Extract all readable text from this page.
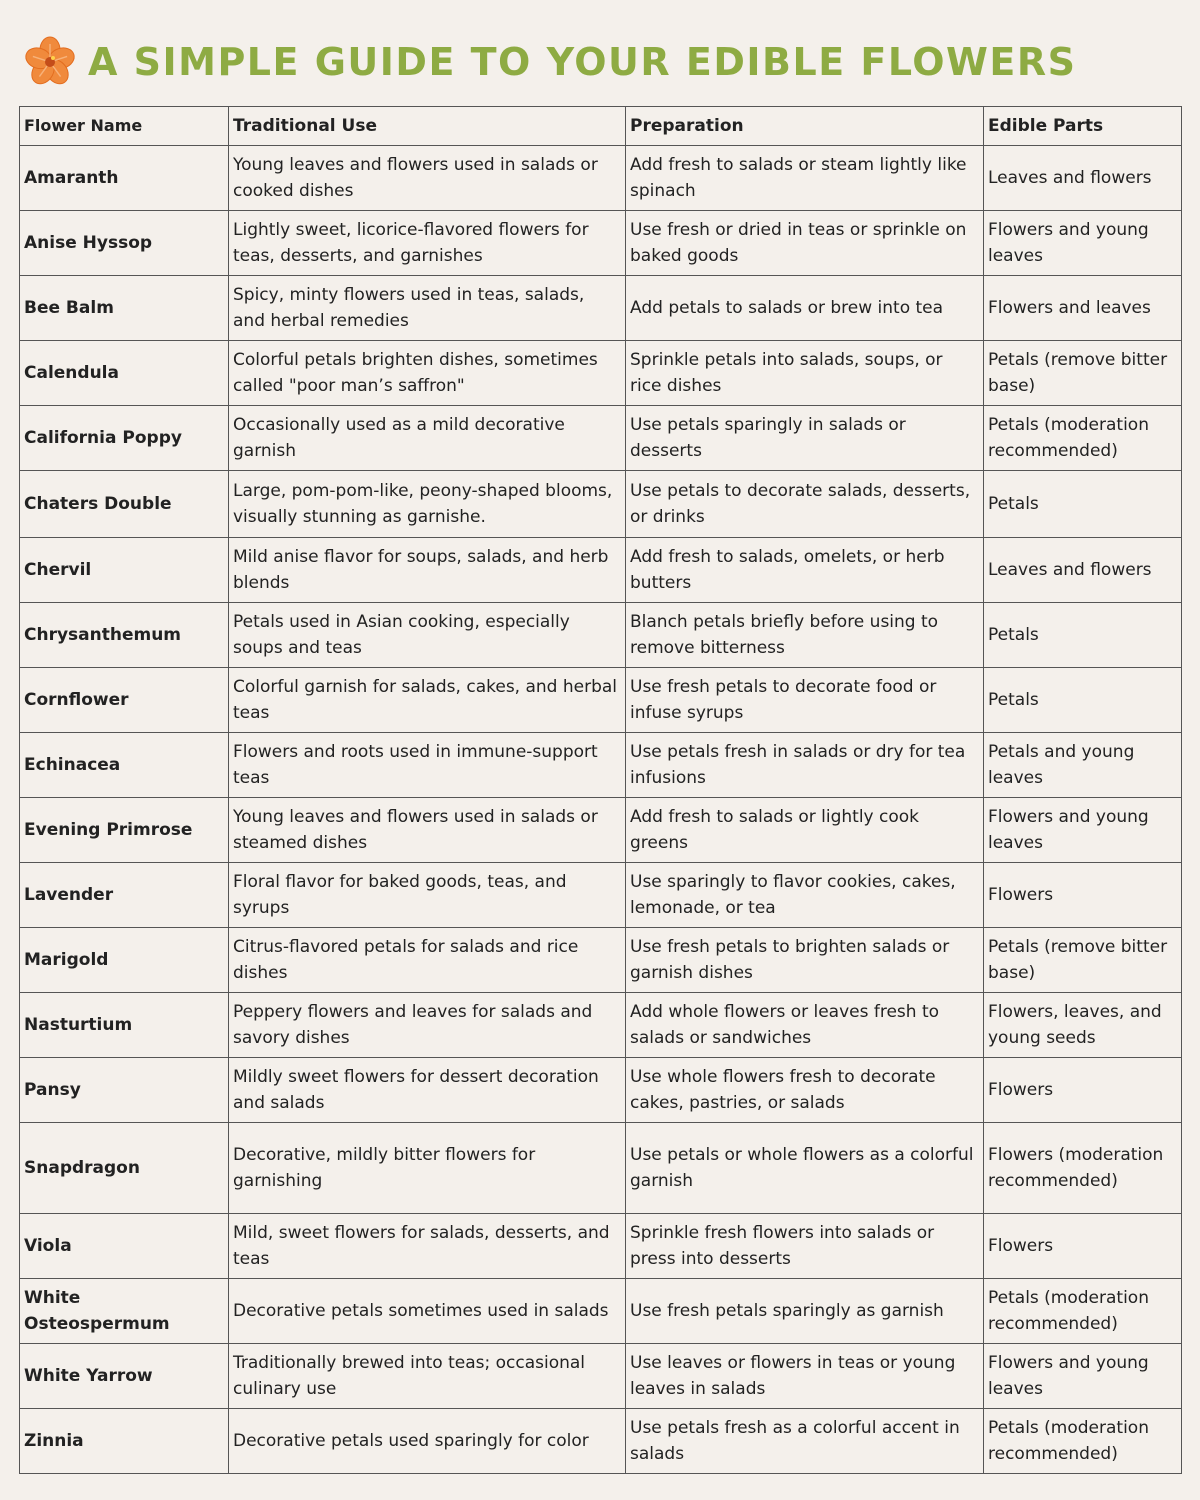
A SIMPLE GUIDE TO YOUR EDIBLE FLOWERS
Flower Name	Traditional Use	Preparation	Edible Parts
Amaranth	Young leaves and flowers used in salads or cooked dishes	Add fresh to salads or steam lightly like spinach	Leaves and flowers
Anise Hyssop	Lightly sweet, licorice-flavored flowers for teas, desserts, and garnishes	Use fresh or dried in teas or sprinkle on baked goods	Flowers and young leaves
Bee Balm	Spicy, minty flowers used in teas, salads, and herbal remedies	Add petals to salads or brew into tea	Flowers and leaves
Calendula	Colorful petals brighten dishes, sometimes called "poor man’s saffron"	Sprinkle petals into salads, soups, or rice dishes	Petals (remove bitter base)
California Poppy	Occasionally used as a mild decorative garnish	Use petals sparingly in salads or desserts	Petals (moderation recommended)
Chaters Double	Large, pom-pom-like, peony-shaped blooms, visually stunning as garnishe.	Use petals to decorate salads, desserts, or drinks	Petals
Chervil	Mild anise flavor for soups, salads, and herb blends	Add fresh to salads, omelets, or herb butters	Leaves and flowers
Chrysanthemum	Petals used in Asian cooking, especially soups and teas	Blanch petals briefly before using to remove bitterness	Petals
Cornflower	Colorful garnish for salads, cakes, and herbal teas	Use fresh petals to decorate food or infuse syrups	Petals
Echinacea	Flowers and roots used in immune-support teas	Use petals fresh in salads or dry for tea infusions	Petals and young leaves
Evening Primrose	Young leaves and flowers used in salads or steamed dishes	Add fresh to salads or lightly cook greens	Flowers and young leaves
Lavender	Floral flavor for baked goods, teas, and syrups	Use sparingly to flavor cookies, cakes, lemonade, or tea	Flowers
Marigold	Citrus-flavored petals for salads and rice dishes	Use fresh petals to brighten salads or garnish dishes	Petals (remove bitter base)
Nasturtium	Peppery flowers and leaves for salads and savory dishes	Add whole flowers or leaves fresh to salads or sandwiches	Flowers, leaves, and young seeds
Pansy	Mildly sweet flowers for dessert decoration and salads	Use whole flowers fresh to decorate cakes, pastries, or salads	Flowers
Snapdragon	Decorative, mildly bitter flowers for garnishing	Use petals or whole flowers as a colorful garnish	Flowers (moderation recommended)
Viola	Mild, sweet flowers for salads, desserts, and teas	Sprinkle fresh flowers into salads or press into desserts	Flowers
White Osteospermum	Decorative petals sometimes used in salads	Use fresh petals sparingly as garnish	Petals (moderation recommended)
White Yarrow	Traditionally brewed into teas; occasional culinary use	Use leaves or flowers in teas or young leaves in salads	Flowers and young leaves
Zinnia	Decorative petals used sparingly for color	Use petals fresh as a colorful accent in salads	Petals (moderation recommended)
